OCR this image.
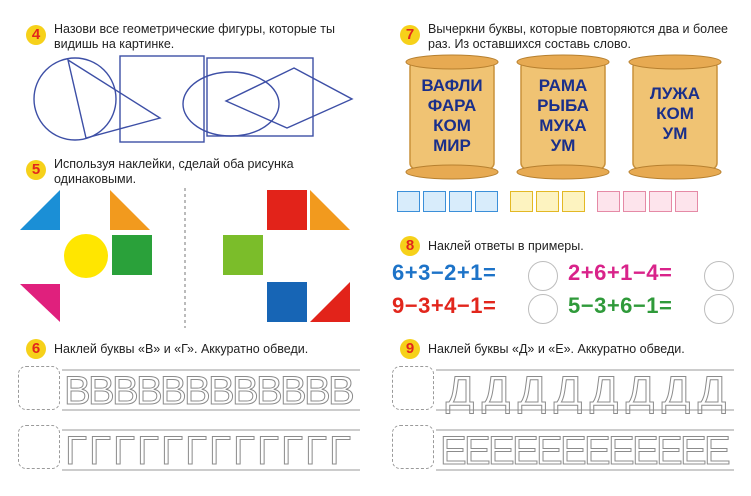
4	Назови все геометрические фигуры, которые ты видишь на картинке.
5	Используя наклейки, сделай оба рисунка одинаковыми.
6	Наклей буквы «В» и «Г». Аккуратно обведи.
В
В
В
В
В
В
В
В
В
В
В
В
Г Г Г Г Г Г Г Г Г Г Г Г
7	Вычеркни буквы, которые повторяются два и более раз. Из оставшихся составь слово.
ВАФЛИ
ФАРА
КОМ
МИР
РАМА
РЫБА
МУКА
УМ
ЛУЖА
КОМ
УМ
8	Наклей ответы в примеры.
6+3−2+1=	2+6+1−4=
9−3+4−1=	5−3+6−1=
9	Наклей буквы «Д» и «Е». Аккуратно обведи.
Д Д Д Д Д Д Д Д
Е
Е
Е
Е
Е
Е
Е
Е
Е
Е
Е
Е
